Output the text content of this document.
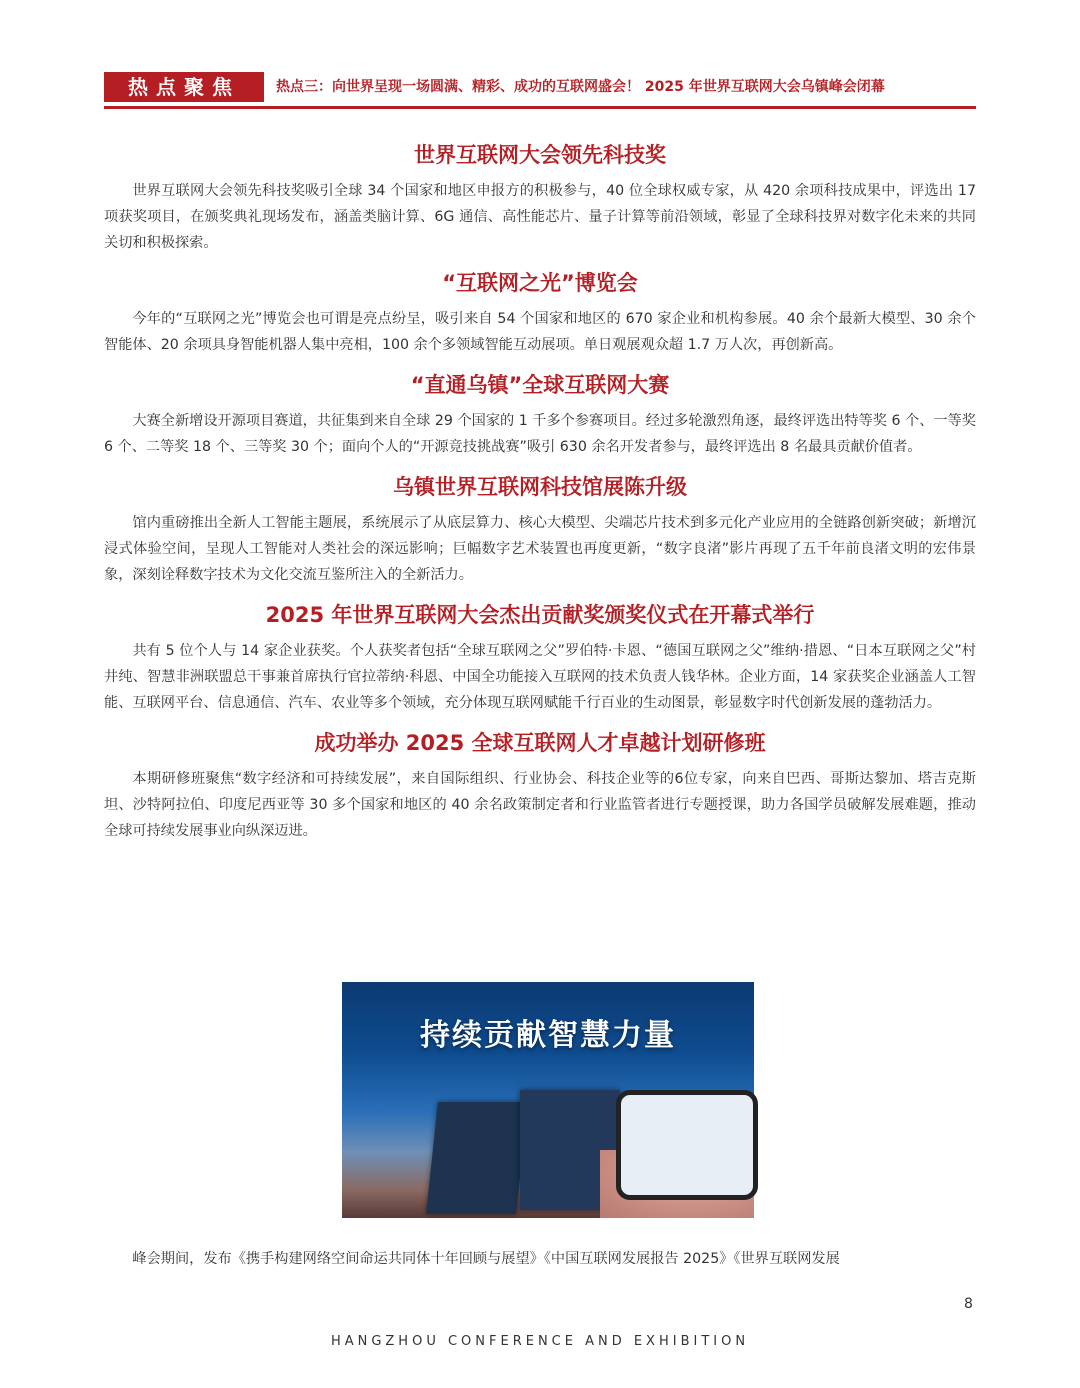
热点聚焦	热点三：向世界呈现一场圆满、精彩、成功的互联网盛会！ 2025 年世界互联网大会乌镇峰会闭幕
世界互联网大会领先科技奖

世界互联网大会领先科技奖吸引全球 34 个国家和地区申报方的积极参与，40 位全球权威专家，从 420 余项科技成果中，评选出 17 项获奖项目，在颁奖典礼现场发布，涵盖类脑计算、6G 通信、高性能芯片、量子计算等前沿领域，彰显了全球科技界对数字化未来的共同关切和积极探索。

“互联网之光”博览会

今年的“互联网之光”博览会也可谓是亮点纷呈，吸引来自 54 个国家和地区的 670 家企业和机构参展。40 余个最新大模型、30 余个智能体、20 余项具身智能机器人集中亮相，100 余个多领域智能互动展项。单日观展观众超 1.7 万人次，再创新高。

“直通乌镇”全球互联网大赛

大赛全新增设开源项目赛道，共征集到来自全球 29 个国家的 1 千多个参赛项目。经过多轮激烈角逐，最终评选出特等奖 6 个、一等奖 6 个、二等奖 18 个、三等奖 30 个；面向个人的“开源竞技挑战赛”吸引 630 余名开发者参与，最终评选出 8 名最具贡献价值者。

乌镇世界互联网科技馆展陈升级

馆内重磅推出全新人工智能主题展，系统展示了从底层算力、核心大模型、尖端芯片技术到多元化产业应用的全链路创新突破；新增沉浸式体验空间，呈现人工智能对人类社会的深远影响；巨幅数字艺术装置也再度更新，“数字良渚”影片再现了五千年前良渚文明的宏伟景象，深刻诠释数字技术为文化交流互鉴所注入的全新活力。

2025 年世界互联网大会杰出贡献奖颁奖仪式在开幕式举行

共有 5 位个人与 14 家企业获奖。个人获奖者包括“全球互联网之父”罗伯特·卡恩、“德国互联网之父”维纳·措恩、“日本互联网之父”村井纯、智慧非洲联盟总干事兼首席执行官拉蒂纳·科恩、中国全功能接入互联网的技术负责人钱华林。企业方面，14 家获奖企业涵盖人工智能、互联网平台、信息通信、汽车、农业等多个领域，充分体现互联网赋能千行百业的生动图景，彰显数字时代创新发展的蓬勃活力。

成功举办 2025 全球互联网人才卓越计划研修班

本期研修班聚焦“数字经济和可持续发展”，来自国际组织、行业协会、科技企业等的6位专家，向来自巴西、哥斯达黎加、塔吉克斯坦、沙特阿拉伯、印度尼西亚等 30 多个国家和地区的 40 余名政策制定者和行业监管者进行专题授课，助力各国学员破解发展难题，推动全球可持续发展事业向纵深迈进。

持续贡献智慧力量
峰会期间，发布《携手构建网络空间命运共同体十年回顾与展望》《中国互联网发展报告 2025》《世界互联网发展
8
HANGZHOU CONFERENCE AND EXHIBITION
